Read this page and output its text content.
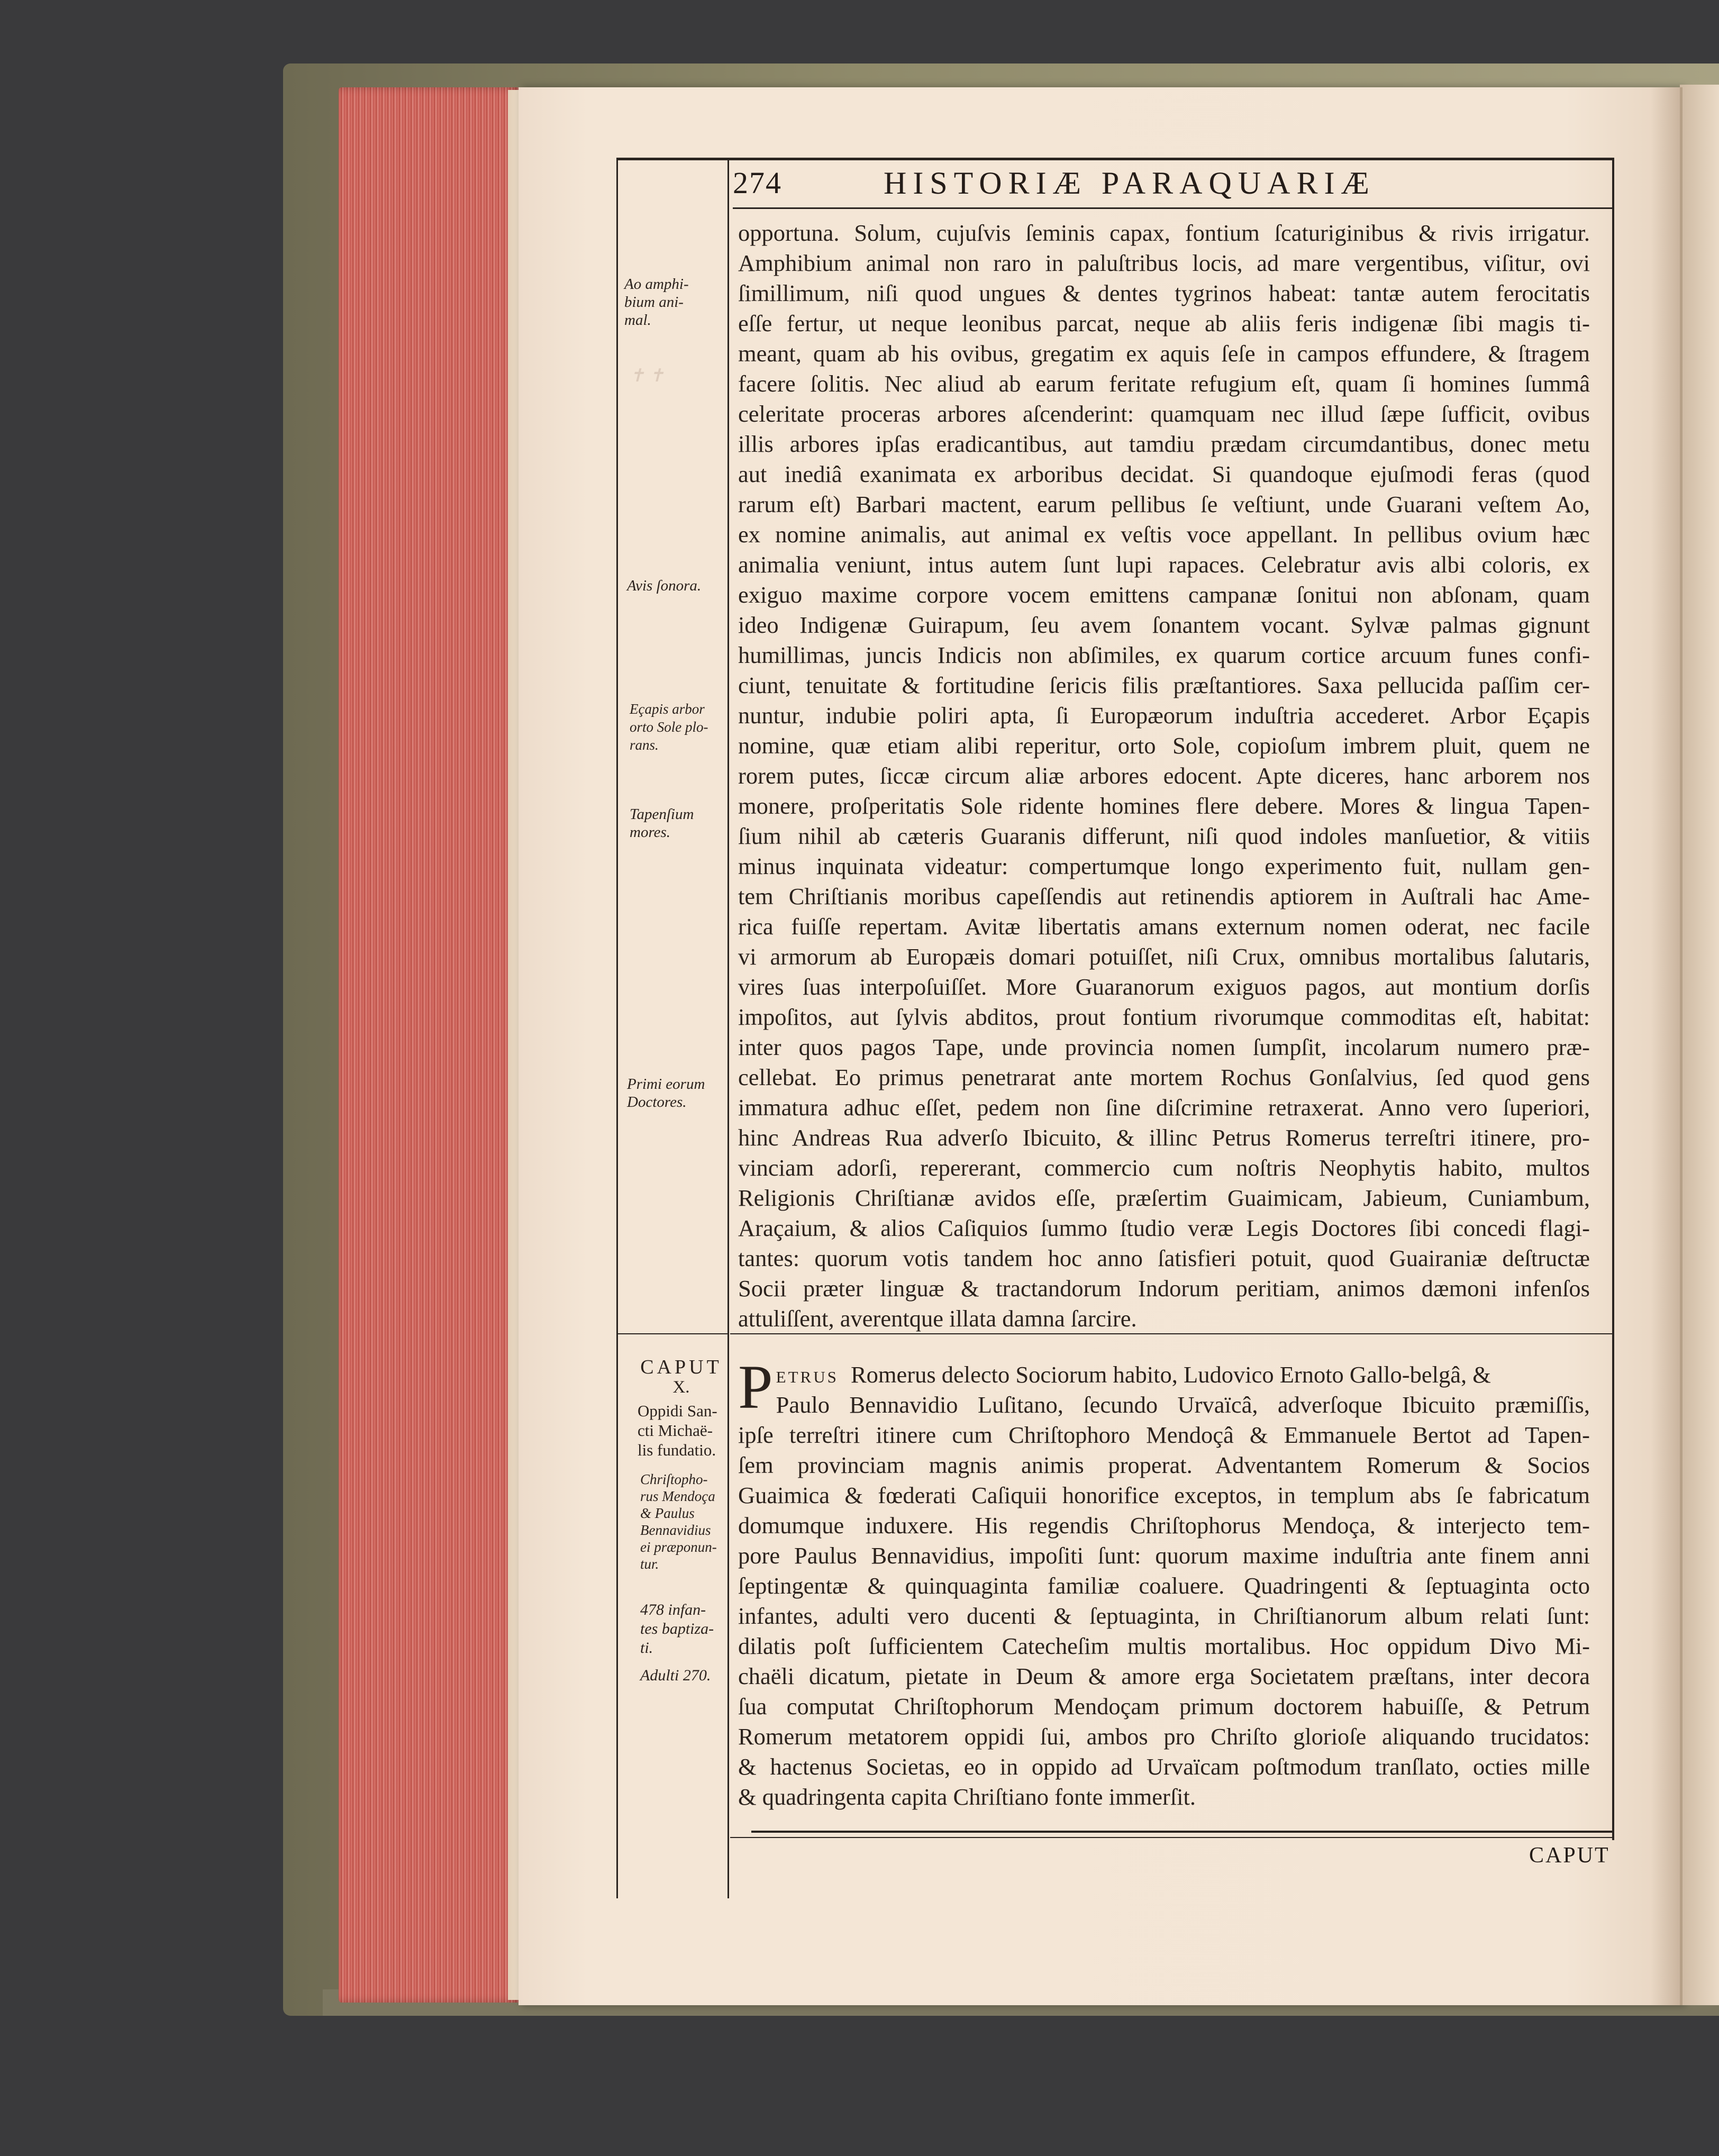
274	HISTORIÆ PARAQUARIÆ
✝ ✝
opportuna. Solum, cujuſvis ſeminis capax, fontium ſcaturiginibus & rivis irrigatur.
Amphibium animal non raro in paluſtribus locis, ad mare vergentibus, viſitur, ovi
ſimillimum, niſi quod ungues & dentes tygrinos habeat: tantæ autem ferocitatis
eſſe fertur, ut neque leonibus parcat, neque ab aliis feris indigenæ ſibi magis ti-
meant, quam ab his ovibus, gregatim ex aquis ſeſe in campos effundere, & ſtragem
facere ſolitis. Nec aliud ab earum feritate refugium eſt, quam ſi homines ſummâ
celeritate proceras arbores aſcenderint: quamquam nec illud ſæpe ſufficit, ovibus
illis arbores ipſas eradicantibus, aut tamdiu prædam circumdantibus, donec metu
aut inediâ exanimata ex arboribus decidat. Si quandoque ejuſmodi feras (quod
rarum eſt) Barbari mactent, earum pellibus ſe veſtiunt, unde Guarani veſtem Ao,
ex nomine animalis, aut animal ex veſtis voce appellant. In pellibus ovium hæc
animalia veniunt, intus autem ſunt lupi rapaces. Celebratur avis albi coloris, ex
exiguo maxime corpore vocem emittens campanæ ſonitui non abſonam, quam
ideo Indigenæ Guirapum, ſeu avem ſonantem vocant. Sylvæ palmas gignunt
humillimas, juncis Indicis non abſimiles, ex quarum cortice arcuum funes confi-
ciunt, tenuitate & fortitudine ſericis filis præſtantiores. Saxa pellucida paſſim cer-
nuntur, indubie poliri apta, ſi Europæorum induſtria accederet. Arbor Eçapis
nomine, quæ etiam alibi reperitur, orto Sole, copioſum imbrem pluit, quem ne
rorem putes, ſiccæ circum aliæ arbores edocent. Apte diceres, hanc arborem nos
monere, proſperitatis Sole ridente homines flere debere. Mores & lingua Tapen-
ſium nihil ab cæteris Guaranis differunt, niſi quod indoles manſuetior, & vitiis
minus inquinata videatur: compertumque longo experimento fuit, nullam gen-
tem Chriſtianis moribus capeſſendis aut retinendis aptiorem in Auſtrali hac Ame-
rica fuiſſe repertam. Avitæ libertatis amans externum nomen oderat, nec facile
vi armorum ab Europæis domari potuiſſet, niſi Crux, omnibus mortalibus ſalutaris,
vires ſuas interpoſuiſſet. More Guaranorum exiguos pagos, aut montium dorſis
impoſitos, aut ſylvis abditos, prout fontium rivorumque commoditas eſt, habitat:
inter quos pagos Tape, unde provincia nomen ſumpſit, incolarum numero præ-
cellebat. Eo primus penetrarat ante mortem Rochus Gonſalvius, ſed quod gens
immatura adhuc eſſet, pedem non ſine diſcrimine retraxerat. Anno vero ſuperiori,
hinc Andreas Rua adverſo Ibicuito, & illinc Petrus Romerus terreſtri itinere, pro-
vinciam adorſi, repererant, commercio cum noſtris Neophytis habito, multos
Religionis Chriſtianæ avidos eſſe, præſertim Guaimicam, Jabieum, Cuniambum,
Araçaium, & alios Caſiquios ſummo ſtudio veræ Legis Doctores ſibi concedi flagi-
tantes: quorum votis tandem hoc anno ſatisfieri potuit, quod Guairaniæ deſtructæ
Socii præter linguæ & tractandorum Indorum peritiam, animos dæmoni infenſos
attuliſſent, averentque illata damna ſarcire.
P etrus Romerus delecto Sociorum habito, Ludovico Ernoto Gallo-belgâ, &
Paulo Bennavidio Luſitano, ſecundo Urvaïcâ, adverſoque Ibicuito præmiſſis,
ipſe terreſtri itinere cum Chriſtophoro Mendoçâ & Emmanuele Bertot ad Tapen-
ſem provinciam magnis animis properat. Adventantem Romerum & Socios
Guaimica & fœderati Caſiquii honorifice exceptos, in templum abs ſe fabricatum
domumque induxere. His regendis Chriſtophorus Mendoça, & interjecto tem-
pore Paulus Bennavidius, impoſiti ſunt: quorum maxime induſtria ante finem anni
ſeptingentæ & quinquaginta familiæ coaluere. Quadringenti & ſeptuaginta octo
infantes, adulti vero ducenti & ſeptuaginta, in Chriſtianorum album relati ſunt:
dilatis poſt ſufficientem Catecheſim multis mortalibus. Hoc oppidum Divo Mi-
chaëli dicatum, pietate in Deum & amore erga Societatem præſtans, inter decora
ſua computat Chriſtophorum Mendoçam primum doctorem habuiſſe, & Petrum
Romerum metatorem oppidi ſui, ambos pro Chriſto glorioſe aliquando trucidatos:
& hactenus Societas, eo in oppido ad Urvaïcam poſtmodum tranſlato, octies mille
& quadringenta capita Chriſtiano fonte immerſit.
Ao amphi-
bium ani-
mal.
Avis ſonora.
Eçapis arbor
orto Sole plo-
rans.
Tapenſium
mores.
Primi eorum
Doctores.
CAPUT
X.
Oppidi San-
cti Michaë-
lis fundatio.
Chriſtopho-
rus Mendoça
& Paulus
Bennavidius
ei præponun-
tur.
478 infan-
tes baptiza-
ti.
Adulti 270.
CAPUT
